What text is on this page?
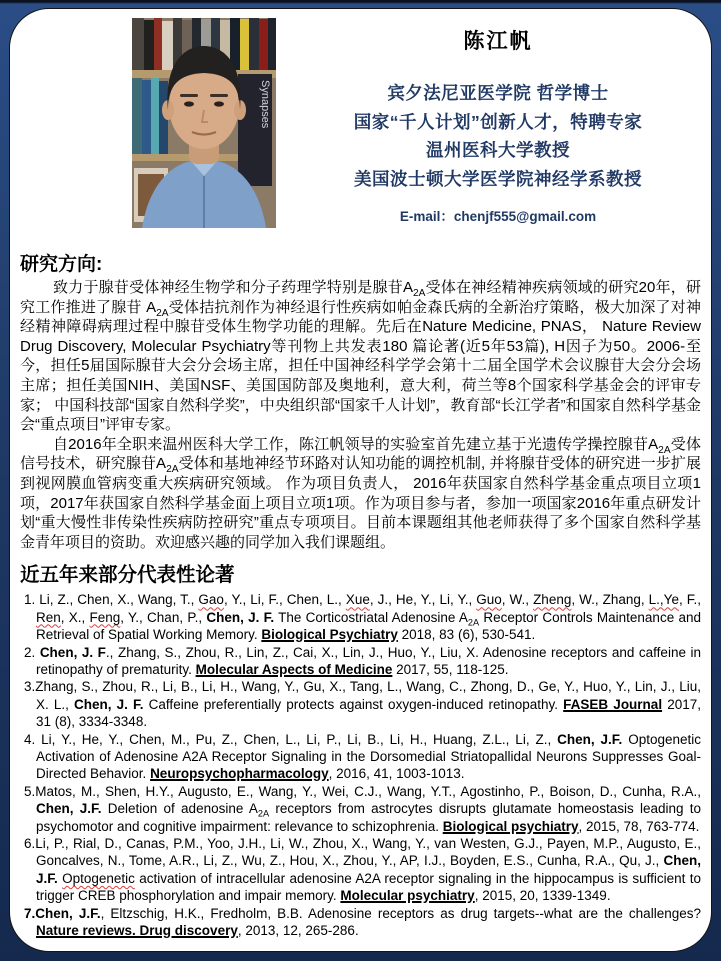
Synapses
陈江帆
宾夕法尼亚医学院 哲学博士
国家“千人计划”创新人才，特聘专家
温州医科大学教授
美国波士顿大学医学院神经学系教授
E-mail：chenjf555@gmail.com
研究方向:

致力于腺苷受体神经生物学和分子药理学特别是腺苷$A_{2A}$受体在神经精神疾病领域的研究20年，研究工作推进了腺苷 $A_{2A}$受体拮抗剂作为神经退行性疾病如帕金森氏病的全新治疗策略，极大加深了对神经精神障碍病理过程中腺苷受体生物学功能的理解。先后在Nature Medicine, PNAS， Nature Review Drug Discovery, Molecular Psychiatry等刊物上共发表180 篇论著(近5年53篇), H因子为50。2006-至今，担任5届国际腺苷大会分会场主席，担任中国神经科学学会第十二届全国学术会议腺苷大会分会场主席；担任美国NIH、美国NSF、美国国防部及奥地利，意大利，荷兰等8个国家科学基金会的评审专家； 中国科技部“国家自然科学奖”，中央组织部“国家千人计划”，教育部“长江学者”和国家自然科学基金会“重点项目”评审专家。

自2016年全职来温州医科大学工作，陈江帆领导的实验室首先建立基于光遗传学操控腺苷$A_{2A}$受体信号技术，研究腺苷$A_{2A}$受体和基地神经节环路对认知功能的调控机制, 并将腺苷受体的研究进一步扩展到视网膜血管病变重大疾病研究领域。 作为项目负责人， 2016年获国家自然科学基金重点项目立项1项，2017年获国家自然科学基金面上项目立项1项。作为项目参与者，参加一项国家2016年重点研发计划“重大慢性非传染性疾病防控研究”重点专项项目。目前本课题组其他老师获得了多个国家自然科学基金青年项目的资助。欢迎感兴趣的同学加入我们课题组。

近五年来部分代表性论著

1. Li, Z., Chen, X., Wang, T., Gao, Y., Li, F., Chen, L., Xue, J., He, Y., Li, Y., Guo, W., Zheng, W., Zhang, L.,Ye, F., Ren, X., Feng, Y., Chan, P., Chen, J. F. The Corticostriatal Adenosine $A_{2A}$ Receptor Controls Maintenance and Retrieval of Spatial Working Memory. Biological Psychiatry 2018, 83 (6), 530-541.

2. Chen, J. F., Zhang, S., Zhou, R., Lin, Z., Cai, X., Lin, J., Huo, Y., Liu, X. Adenosine receptors and caffeine in retinopathy of prematurity. Molecular Aspects of Medicine 2017, 55, 118-125.

3.Zhang, S., Zhou, R., Li, B., Li, H., Wang, Y., Gu, X., Tang, L., Wang, C., Zhong, D., Ge, Y., Huo, Y., Lin, J., Liu, X. L., Chen, J. F. Caffeine preferentially protects against oxygen-induced retinopathy. FASEB Journal 2017, 31 (8), 3334-3348.

4. Li, Y., He, Y., Chen, M., Pu, Z., Chen, L., Li, P., Li, B., Li, H., Huang, Z.L., Li, Z., Chen, J.F. Optogenetic Activation of Adenosine A2A Receptor Signaling in the Dorsomedial Striatopallidal Neurons Suppresses Goal-Directed Behavior. Neuropsychopharmacology, 2016, 41, 1003-1013.

5.Matos, M., Shen, H.Y., Augusto, E., Wang, Y., Wei, C.J., Wang, Y.T., Agostinho, P., Boison, D., Cunha, R.A., Chen, J.F. Deletion of adenosine $A_{2A}$ receptors from astrocytes disrupts glutamate homeostasis leading to psychomotor and cognitive impairment: relevance to schizophrenia. Biological psychiatry, 2015, 78, 763-774.

6.Li, P., Rial, D., Canas, P.M., Yoo, J.H., Li, W., Zhou, X., Wang, Y., van Westen, G.J., Payen, M.P., Augusto, E., Goncalves, N., Tome, A.R., Li, Z., Wu, Z., Hou, X., Zhou, Y., AP, I.J., Boyden, E.S., Cunha, R.A., Qu, J., Chen, J.F. Optogenetic activation of intracellular adenosine A2A receptor signaling in the hippocampus is sufficient to trigger CREB phosphorylation and impair memory. Molecular psychiatry, 2015, 20, 1339-1349.

7.Chen, J.F., Eltzschig, H.K., Fredholm, B.B. Adenosine receptors as drug targets--what are the challenges? Nature reviews. Drug discovery, 2013, 12, 265-286.
